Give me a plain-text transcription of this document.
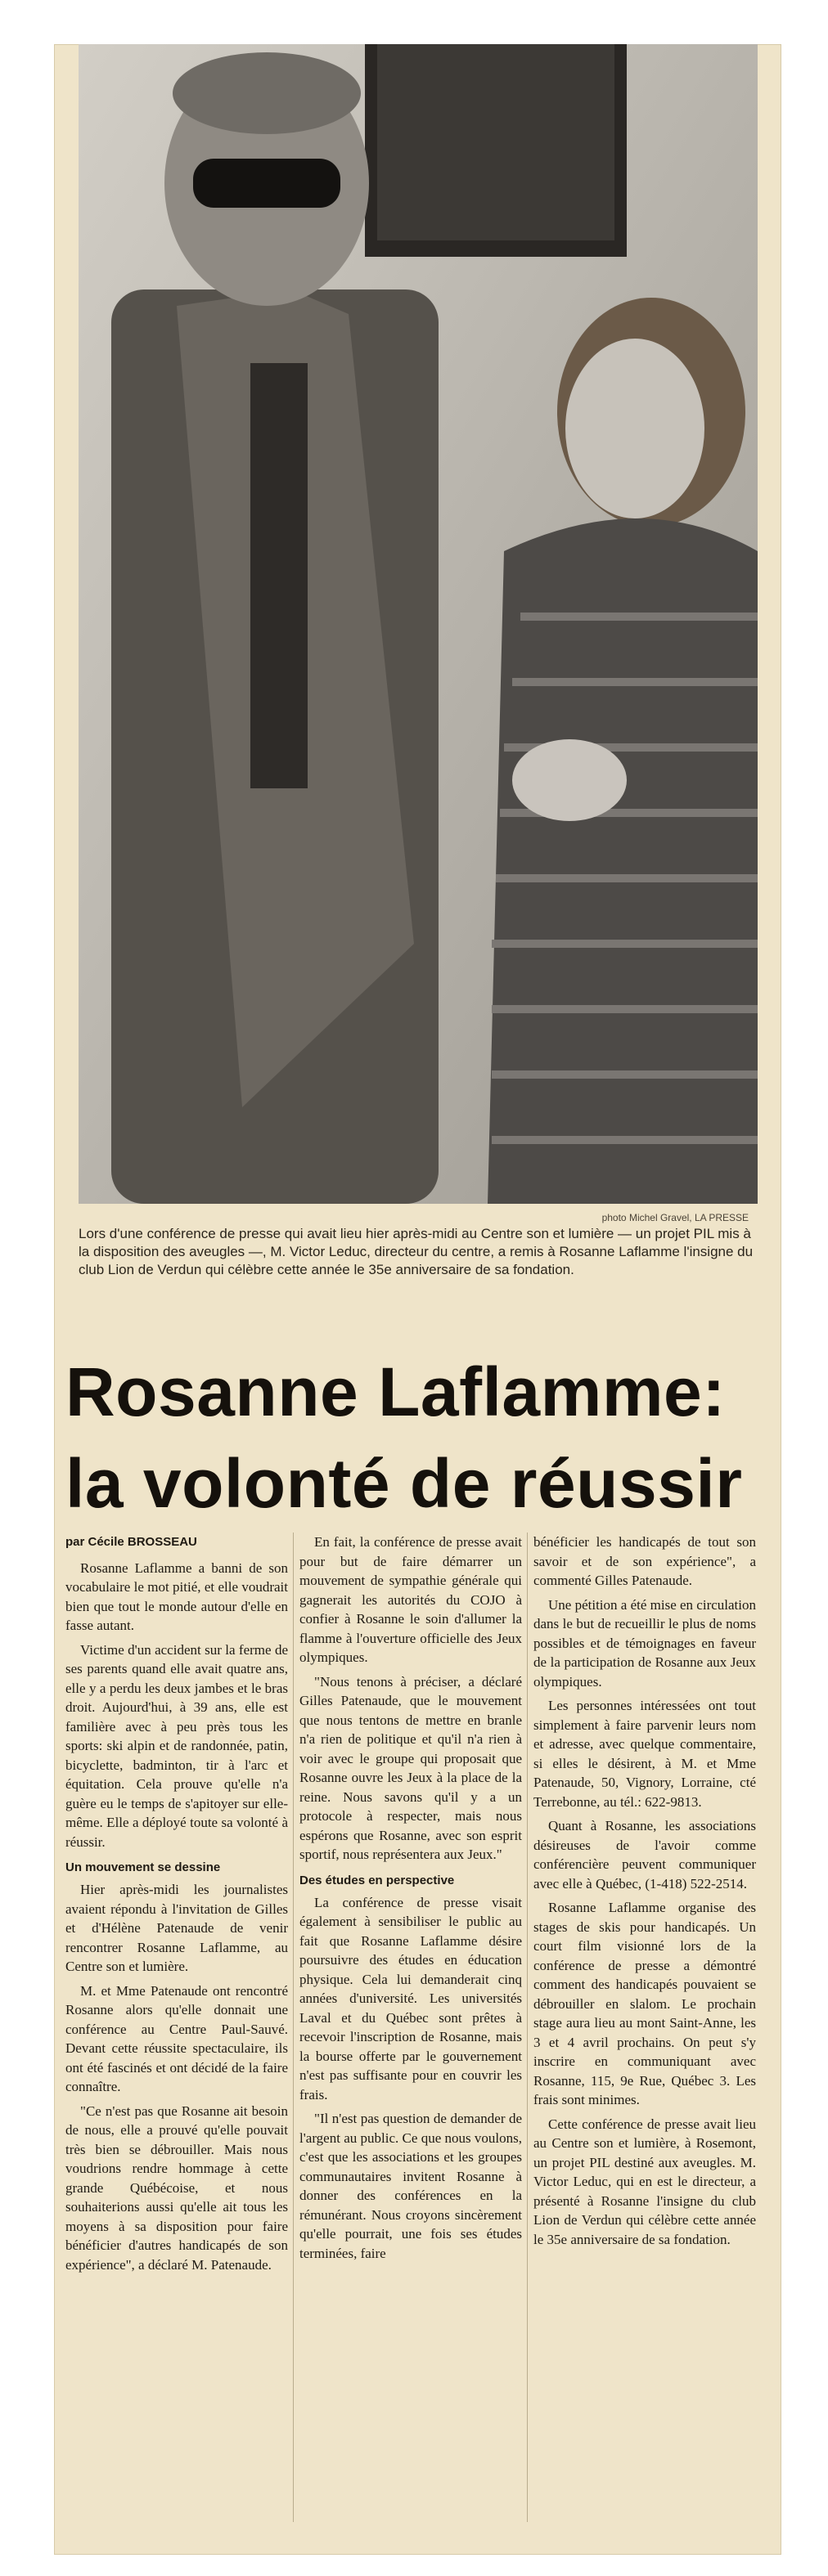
photo Michel Gravel, LA PRESSE
Lors d'une conférence de presse qui avait lieu hier après-midi au Centre son et lumière — un projet PIL mis à la disposition des aveugles —, M. Victor Leduc, directeur du centre, a remis à Rosanne Laflamme l'insigne du club Lion de Verdun qui célèbre cette année le 35e anniversaire de sa fondation.
Rosanne Laflamme:
la volonté de réussir

par Cécile BROSSEAU

Rosanne Laflamme a banni de son vocabulaire le mot pitié, et elle voudrait bien que tout le monde autour d'elle en fasse autant.

Victime d'un accident sur la ferme de ses parents quand elle avait quatre ans, elle y a perdu les deux jambes et le bras droit. Aujourd'hui, à 39 ans, elle est familière avec à peu près tous les sports: ski alpin et de randonnée, patin, bicyclette, badminton, tir à l'arc et équitation. Cela prouve qu'elle n'a guère eu le temps de s'apitoyer sur elle-même. Elle a déployé toute sa volonté à réussir.

Un mouvement se dessine

Hier après-midi les journalistes avaient répondu à l'invitation de Gilles et d'Hélène Patenaude de venir rencontrer Rosanne Laflamme, au Centre son et lumière.

M. et Mme Patenaude ont rencontré Rosanne alors qu'elle donnait une conférence au Centre Paul-Sauvé. Devant cette réussite spectaculaire, ils ont été fascinés et ont décidé de la faire connaître.

"Ce n'est pas que Rosanne ait besoin de nous, elle a prouvé qu'elle pouvait très bien se débrouiller. Mais nous voudrions rendre hommage à cette grande Québécoise, et nous souhaiterions aussi qu'elle ait tous les moyens à sa disposition pour faire bénéficier d'autres handicapés de son expérience", a déclaré M. Patenaude.

En fait, la conférence de presse avait pour but de faire démarrer un mouvement de sympathie générale qui gagnerait les autorités du COJO à confier à Rosanne le soin d'allumer la flamme à l'ouverture officielle des Jeux olympiques.

"Nous tenons à préciser, a déclaré Gilles Patenaude, que le mouvement que nous tentons de mettre en branle n'a rien de politique et qu'il n'a rien à voir avec le groupe qui proposait que Rosanne ouvre les Jeux à la place de la reine. Nous savons qu'il y a un protocole à respecter, mais nous espérons que Rosanne, avec son esprit sportif, nous représentera aux Jeux."

Des études en perspective

La conférence de presse visait également à sensibiliser le public au fait que Rosanne Laflamme désire poursuivre des études en éducation physique. Cela lui demanderait cinq années d'université. Les universités Laval et du Québec sont prêtes à recevoir l'inscription de Rosanne, mais la bourse offerte par le gouvernement n'est pas suffisante pour en couvrir les frais.

"Il n'est pas question de demander de l'argent au public. Ce que nous voulons, c'est que les associations et les groupes communautaires invitent Rosanne à donner des conférences en la rémunérant. Nous croyons sincèrement qu'elle pourrait, une fois ses études terminées, faire

bénéficier les handicapés de tout son savoir et de son expérience", a commenté Gilles Patenaude.

Une pétition a été mise en circulation dans le but de recueillir le plus de noms possibles et de témoignages en faveur de la participation de Rosanne aux Jeux olympiques.

Les personnes intéressées ont tout simplement à faire parvenir leurs nom et adresse, avec quelque commentaire, si elles le désirent, à M. et Mme Patenaude, 50, Vignory, Lorraine, cté Terrebonne, au tél.: 622-9813.

Quant à Rosanne, les associations désireuses de l'avoir comme conférencière peuvent communiquer avec elle à Québec, (1-418) 522-2514.

Rosanne Laflamme organise des stages de skis pour handicapés. Un court film visionné lors de la conférence de presse a démontré comment des handicapés pouvaient se débrouiller en slalom. Le prochain stage aura lieu au mont Saint-Anne, les 3 et 4 avril prochains. On peut s'y inscrire en communiquant avec Rosanne, 115, 9e Rue, Québec 3. Les frais sont minimes.

Cette conférence de presse avait lieu au Centre son et lumière, à Rosemont, un projet PIL destiné aux aveugles. M. Victor Leduc, qui en est le directeur, a présenté à Rosanne l'insigne du club Lion de Verdun qui célèbre cette année le 35e anniversaire de sa fondation.
